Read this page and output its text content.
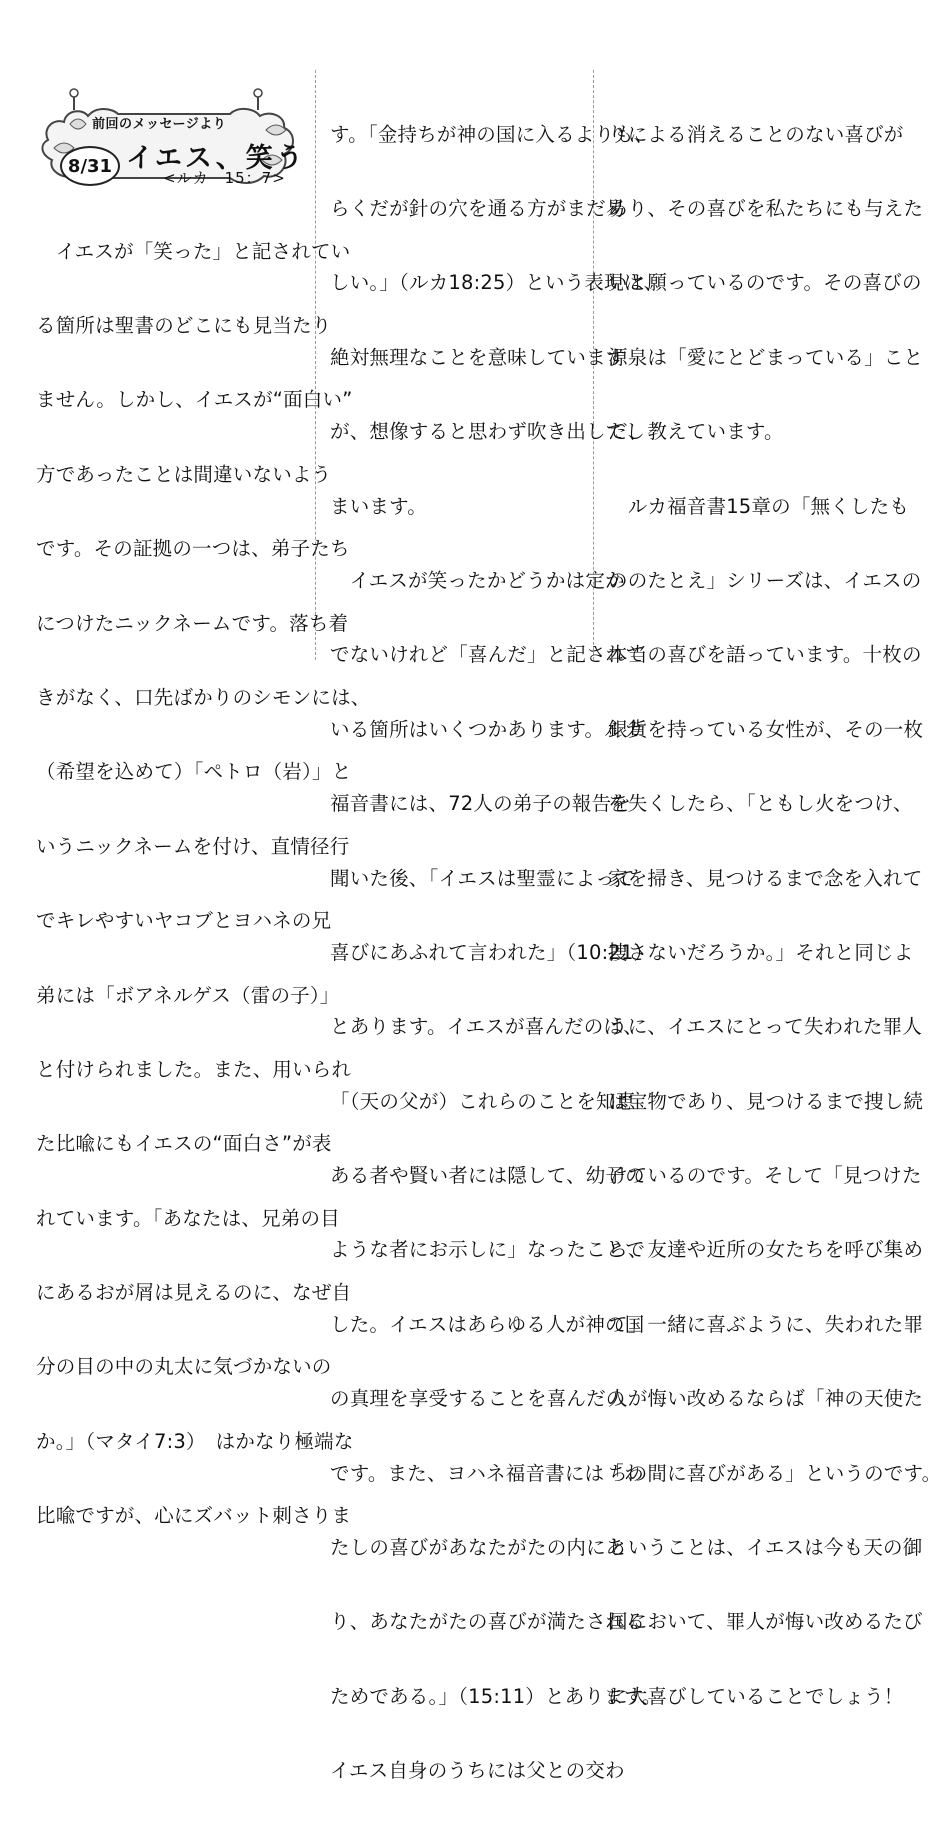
前回のメッセージより
8/31 イエス、笑う
<ルカ　15：7>

　イエスが「笑った」と記されてい

る箇所は聖書のどこにも見当たり

ません。しかし、イエスが“面白い”

方であったことは間違いないよう

です。その証拠の一つは、弟子たち

につけたニックネームです。落ち着

きがなく、口先ばかりのシモンには、

（希望を込めて）「ペトロ（岩）」と

いうニックネームを付け、直情径行

でキレやすいヤコブとヨハネの兄

弟には「ボアネルゲス（雷の子）」

と付けられました。また、用いられ

た比喩にもイエスの“面白さ”が表

れています。「あなたは、兄弟の目

にあるおが屑は見えるのに、なぜ自

分の目の中の丸太に気づかないの

か。」（マタイ7:3）　はかなり極端な

比喩ですが、心にズバット刺さりま

す。「金持ちが神の国に入るよりも、

らくだが針の穴を通る方がまだ易

しい。」（ルカ18:25）という表現は、

絶対無理なことを意味しています

が、想像すると思わず吹き出してし

まいます。

　イエスが笑ったかどうかは定か

でないけれど「喜んだ」と記されて

いる箇所はいくつかあります。ルカ

福音書には、72人の弟子の報告を

聞いた後、「イエスは聖霊によって

喜びにあふれて言われた」（10:21）

とあります。イエスが喜んだのは、

「（天の父が）これらのことを知恵

ある者や賢い者には隠して、幼子の

ような者にお示しに」なったことで

した。イエスはあらゆる人が神の国

の真理を享受することを喜んだの

です。また、ヨハネ福音書には「わ

たしの喜びがあなたがたの内にあ

り、あなたがたの喜びが満たされる

ためである。」（15:11）とあります。

イエス自身のうちには父との交わ

りによる消えることのない喜びが

あり、その喜びを私たちにも与えた

いと願っているのです。その喜びの

源泉は「愛にとどまっている」こと

だ、教えています。

　ルカ福音書15章の「無くしたも

ののたとえ」シリーズは、イエスの

本当の喜びを語っています。十枚の

銀貨を持っている女性が、その一枚

を失くしたら、「ともし火をつけ、

家を掃き、見つけるまで念を入れて

捜さないだろうか。」それと同じよ

うに、イエスにとって失われた罪人

は宝物であり、見つけるまで捜し続

けているのです。そして「見つけた

ら、友達や近所の女たちを呼び集め

て」一緒に喜ぶように、失われた罪

人が悔い改めるならば「神の天使た

ちの間に喜びがある」というのです。

ということは、イエスは今も天の御

国において、罪人が悔い改めるたび

に大喜びしていることでしょう！
